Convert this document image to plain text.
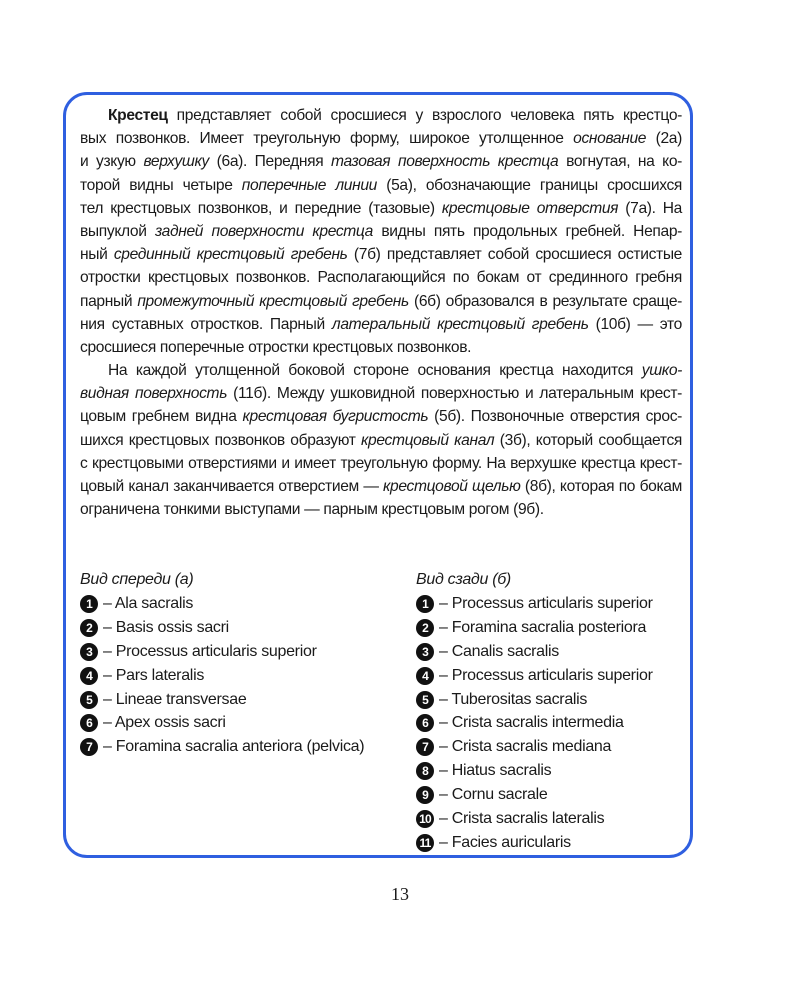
Крестец представляет собой сросшиеся у взрослого человека пять крестцо-
вых позвонков. Имеет треугольную форму, широкое утолщенное основание (2а)
и узкую верхушку (6а). Передняя тазовая поверхность крестца вогнутая, на ко-
торой видны четыре поперечные линии (5а), обозначающие границы сросшихся
тел крестцовых позвонков, и передние (тазовые) крестцовые отверстия (7а). На
выпуклой задней поверхности крестца видны пять продольных гребней. Непар-
ный срединный крестцовый гребень (7б) представляет собой сросшиеся остистые
отростки крестцовых позвонков. Располагающийся по бокам от срединного гребня
парный промежуточный крестцовый гребень (6б) образовался в результате сраще-
ния суставных отростков. Парный латеральный крестцовый гребень (10б) — это
сросшиеся поперечные отростки крестцовых позвонков.
На каждой утолщенной боковой стороне основания крестца находится ушко-
видная поверхность (11б). Между ушковидной поверхностью и латеральным крест-
цовым гребнем видна крестцовая бугристость (5б). Позвоночные отверстия срос-
шихся крестцовых позвонков образуют крестцовый канал (3б), который сообщается
с крестцовыми отверстиями и имеет треугольную форму. На верхушке крестца крест-
цовый канал заканчивается отверстием — крестцовой щелью (8б), которая по бокам
ограничена тонкими выступами — парным крестцовым рогом (9б).
Вид спереди (а)
1 – Ala sacralis
2 – Basis ossis sacri
3 – Processus articularis superior
4 – Pars lateralis
5 – Lineae transversae
6 – Apex ossis sacri
7 – Foramina sacralia anteriora (pelvica)
Вид сзади (б)
1 – Processus articularis superior
2 – Foramina sacralia posteriora
3 – Canalis sacralis
4 – Processus articularis superior
5 – Tuberositas sacralis
6 – Crista sacralis intermedia
7 – Crista sacralis mediana
8 – Hiatus sacralis
9 – Cornu sacrale
10 – Crista sacralis lateralis
11 – Facies auricularis
13
